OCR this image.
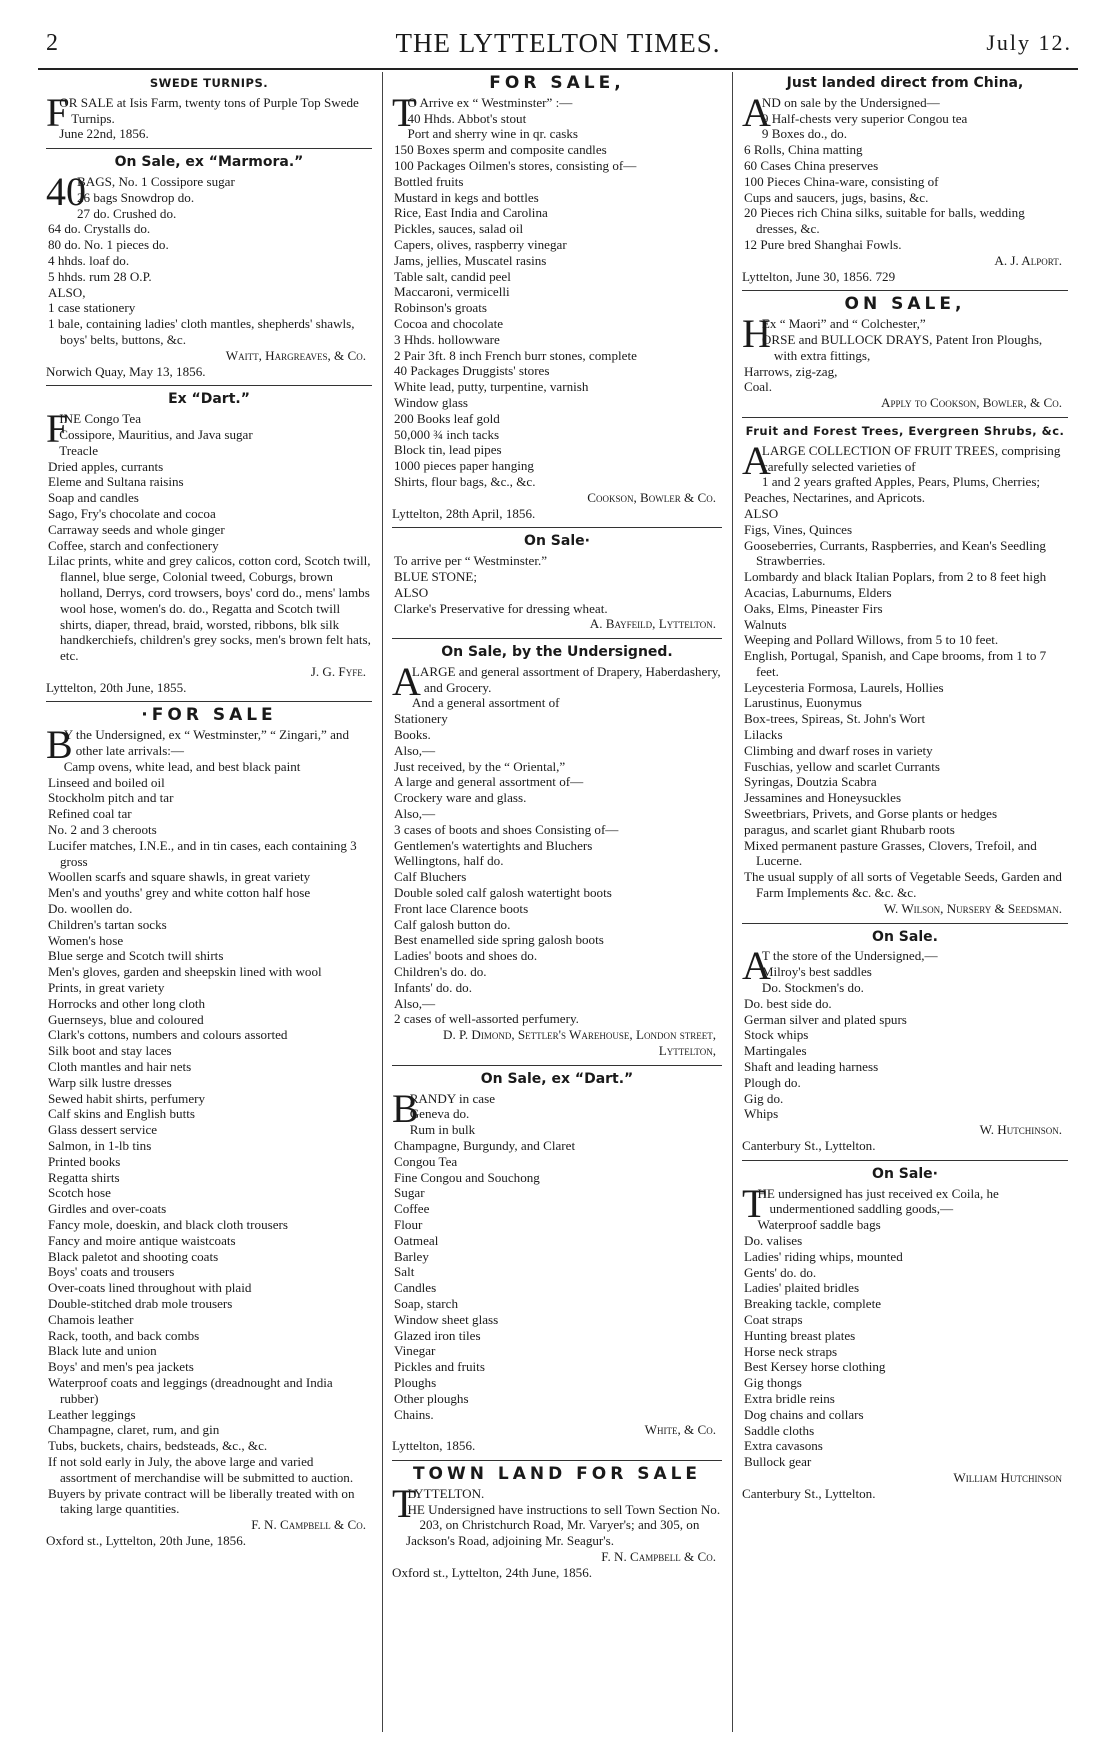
2	THE LYTTELTON TIMES.	July 12.
SWEDE TURNIPS.
F
OR SALE at Isis Farm, twenty tons of Purple Top Swede Turnips.
June 22nd, 1856.
On Sale, ex “Marmora.”
40
BAGS, No. 1 Cossipore sugar
26 bags Snowdrop do.
27 do. Crushed do.
64 do. Crystalls do.
80 do. No. 1 pieces do.
4 hhds. loaf do.
5 hhds. rum 28 O.P.
ALSO,
1 case stationery
1 bale, containing ladies' cloth mantles, shepherds' shawls, boys' belts, buttons, &c.
Waitt, Hargreaves, & Co.
Norwich Quay, May 13, 1856.
Ex “Dart.”
F
INE Congo Tea
Cossipore, Mauritius, and Java sugar
Treacle
Dried apples, currants
Eleme and Sultana raisins
Soap and candles
Sago, Fry's chocolate and cocoa
Carraway seeds and whole ginger
Coffee, starch and confectionery
Lilac prints, white and grey calicos, cotton cord, Scotch twill, flannel, blue serge, Colonial tweed, Coburgs, brown holland, Derrys, cord trowsers, boys' cord do., mens' lambs wool hose, women's do. do., Regatta and Scotch twill shirts, diaper, thread, braid, worsted, ribbons, blk silk handkerchiefs, children's grey socks, men's brown felt hats, etc.
J. G. Fyfe.
Lyttelton, 20th June, 1855.
·FOR SALE
B
Y the Undersigned, ex “ Westminster,” “ Zingari,” and other late arrivals:—
Camp ovens, white lead, and best black paint
Linseed and boiled oil
Stockholm pitch and tar
Refined coal tar
No. 2 and 3 cheroots
Lucifer matches, I.N.E., and in tin cases, each containing 3 gross
Woollen scarfs and square shawls, in great variety
Men's and youths' grey and white cotton half hose
Do. woollen do.
Children's tartan socks
Women's hose
Blue serge and Scotch twill shirts
Men's gloves, garden and sheepskin lined with wool
Prints, in great variety
Horrocks and other long cloth
Guernseys, blue and coloured
Clark's cottons, numbers and colours assorted
Silk boot and stay laces
Cloth mantles and hair nets
Warp silk lustre dresses
Sewed habit shirts, perfumery
Calf skins and English butts
Glass dessert service
Salmon, in 1-lb tins
Printed books
Regatta shirts
Scotch hose
Girdles and over-coats
Fancy mole, doeskin, and black cloth trousers
Fancy and moire antique waistcoats
Black paletot and shooting coats
Boys' coats and trousers
Over-coats lined throughout with plaid
Double-stitched drab mole trousers
Chamois leather
Rack, tooth, and back combs
Black lute and union
Boys' and men's pea jackets
Waterproof coats and leggings (dreadnought and India rubber)
Leather leggings
Champagne, claret, rum, and gin
Tubs, buckets, chairs, bedsteads, &c., &c.
If not sold early in July, the above large and varied assortment of merchandise will be submitted to auction.
Buyers by private contract will be liberally treated with on taking large quantities.
F. N. Campbell & Co.
Oxford st., Lyttelton, 20th June, 1856.
FOR SALE,
T
O Arrive ex “ Westminster” :—
40 Hhds. Abbot's stout
Port and sherry wine in qr. casks
150 Boxes sperm and composite candles
100 Packages Oilmen's stores, consisting of—
Bottled fruits
Mustard in kegs and bottles
Rice, East India and Carolina
Pickles, sauces, salad oil
Capers, olives, raspberry vinegar
Jams, jellies, Muscatel rasins
Table salt, candid peel
Maccaroni, vermicelli
Robinson's groats
Cocoa and chocolate
3 Hhds. hollowware
2 Pair 3ft. 8 inch French burr stones, complete
40 Packages Druggists' stores
White lead, putty, turpentine, varnish
Window glass
200 Books leaf gold
50,000 ¾ inch tacks
Block tin, lead pipes
1000 pieces paper hanging
Shirts, flour bags, &c., &c.
Cookson, Bowler & Co.
Lyttelton, 28th April, 1856.
On Sale·
To arrive per “ Westminster.”
BLUE STONE;
ALSO
Clarke's Preservative for dressing wheat.
A. Bayfeild, Lyttelton.
On Sale, by the Undersigned.
A
LARGE and general assortment of Drapery, Haberdashery, and Grocery.
And a general assortment of
Stationery
Books.
Also,—
Just received, by the “ Oriental,”
A large and general assortment of—
Crockery ware and glass.
Also,—
3 cases of boots and shoes Consisting of—
Gentlemen's watertights and Bluchers
Wellingtons, half do.
Calf Bluchers
Double soled calf galosh watertight boots
Front lace Clarence boots
Calf galosh button do.
Best enamelled side spring galosh boots
Ladies' boots and shoes do.
Children's do. do.
Infants' do. do.
Also,—
2 cases of well-assorted perfumery.
D. P. Dimond, Settler's Warehouse, London street, Lyttelton,
On Sale, ex “Dart.”
B
RANDY in case
Geneva do.
Rum in bulk
Champagne, Burgundy, and Claret
Congou Tea
Fine Congou and Souchong
Sugar
Coffee
Flour
Oatmeal
Barley
Salt
Candles
Soap, starch
Window sheet glass
Glazed iron tiles
Vinegar
Pickles and fruits
Ploughs
Other ploughs
Chains.
White, & Co.
Lyttelton, 1856.
TOWN LAND FOR SALE
T
LYTTELTON.
HE Undersigned have instructions to sell Town Section No. 203, on Christchurch Road, Mr. Varyer's; and 305, on Jackson's Road, adjoining Mr. Seagur's.
F. N. Campbell & Co.
Oxford st., Lyttelton, 24th June, 1856.
Just landed direct from China,
A
ND on sale by the Undersigned—
9 Half-chests very superior Congou tea
9 Boxes do., do.
6 Rolls, China matting
60 Cases China preserves
100 Pieces China-ware, consisting of
Cups and saucers, jugs, basins, &c.
20 Pieces rich China silks, suitable for balls, wedding dresses, &c.
12 Pure bred Shanghai Fowls.
A. J. Alport.
Lyttelton, June 30, 1856. 729
ON SALE,
H
Ex “ Maori” and “ Colchester,”
ORSE and BULLOCK DRAYS, Patent Iron Ploughs, with extra fittings,
Harrows, zig-zag,
Coal.
Apply to Cookson, Bowler, & Co.
Fruit and Forest Trees, Evergreen Shrubs, &c.
A
LARGE COLLECTION OF FRUIT TREES, comprising
carefully selected varieties of
1 and 2 years grafted Apples, Pears, Plums, Cherries;
Peaches, Nectarines, and Apricots.
ALSO
Figs, Vines, Quinces
Gooseberries, Currants, Raspberries, and Kean's Seedling Strawberries.
Lombardy and black Italian Poplars, from 2 to 8 feet high
Acacias, Laburnums, Elders
Oaks, Elms, Pineaster Firs
Walnuts
Weeping and Pollard Willows, from 5 to 10 feet.
English, Portugal, Spanish, and Cape brooms, from 1 to 7 feet.
Leycesteria Formosa, Laurels, Hollies
Larustinus, Euonymus
Box-trees, Spireas, St. John's Wort
Lilacks
Climbing and dwarf roses in variety
Fuschias, yellow and scarlet Currants
Syringas, Doutzia Scabra
Jessamines and Honeysuckles
Sweetbriars, Privets, and Gorse plants or hedges
paragus, and scarlet giant Rhubarb roots
Mixed permanent pasture Grasses, Clovers, Trefoil, and Lucerne.
The usual supply of all sorts of Vegetable Seeds, Garden and Farm Implements &c. &c. &c.
W. Wilson, Nursery & Seedsman.
On Sale.
A
T the store of the Undersigned,—
Milroy's best saddles
Do. Stockmen's do.
Do. best side do.
German silver and plated spurs
Stock whips
Martingales
Shaft and leading harness
Plough do.
Gig do.
Whips
W. Hutchinson.
Canterbury St., Lyttelton.
On Sale·
T
HE undersigned has just received ex Coila, he undermentioned saddling goods,—
Waterproof saddle bags
Do. valises
Ladies' riding whips, mounted
Gents' do. do.
Ladies' plaited bridles
Breaking tackle, complete
Coat straps
Hunting breast plates
Horse neck straps
Best Kersey horse clothing
Gig thongs
Extra bridle reins
Dog chains and collars
Saddle cloths
Extra cavasons
Bullock gear
William Hutchinson
Canterbury St., Lyttelton.
